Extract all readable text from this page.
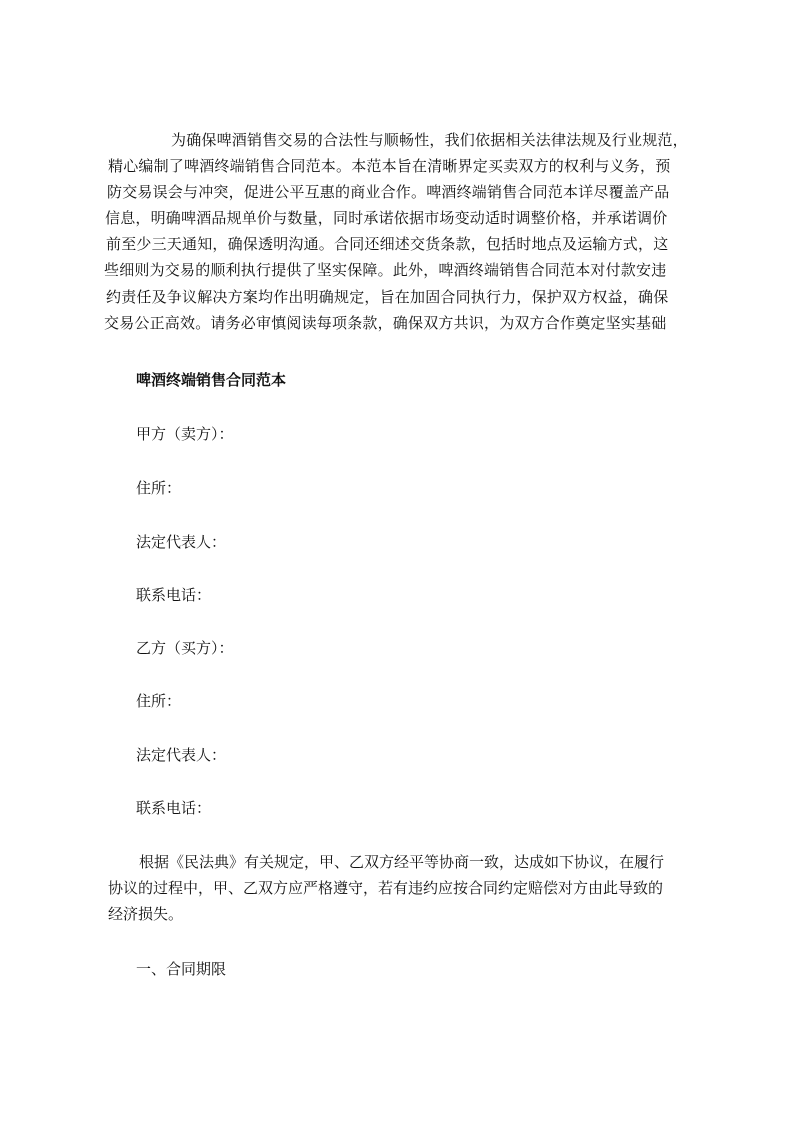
为确保啤酒销售交易的合法性与顺畅性，我们依据相关法律法规及行业规范，
精心编制了啤酒终端销售合同范本。本范本旨在清晰界定买卖双方的权利与义务，预
防交易误会与冲突，促进公平互惠的商业合作。啤酒终端销售合同范本详尽覆盖产品
信息，明确啤酒品规单价与数量，同时承诺依据市场变动适时调整价格，并承诺调价
前至少三天通知，确保透明沟通。合同还细述交货条款，包括时地点及运输方式，这
些细则为交易的顺利执行提供了坚实保障。此外，啤酒终端销售合同范本对付款安违
约责任及争议解决方案均作出明确规定，旨在加固合同执行力，保护双方权益，确保
交易公正高效。请务必审慎阅读每项条款，确保双方共识，为双方合作奠定坚实基础
啤酒终端销售合同范本
甲方（卖方）：
住所：
法定代表人：
联系电话：
乙方（买方）：
住所：
法定代表人：
联系电话：
根据《民法典》有关规定，甲、乙双方经平等协商一致，达成如下协议，在履行
协议的过程中，甲、乙双方应严格遵守，若有违约应按合同约定赔偿对方由此导致的
经济损失。
一、合同期限
